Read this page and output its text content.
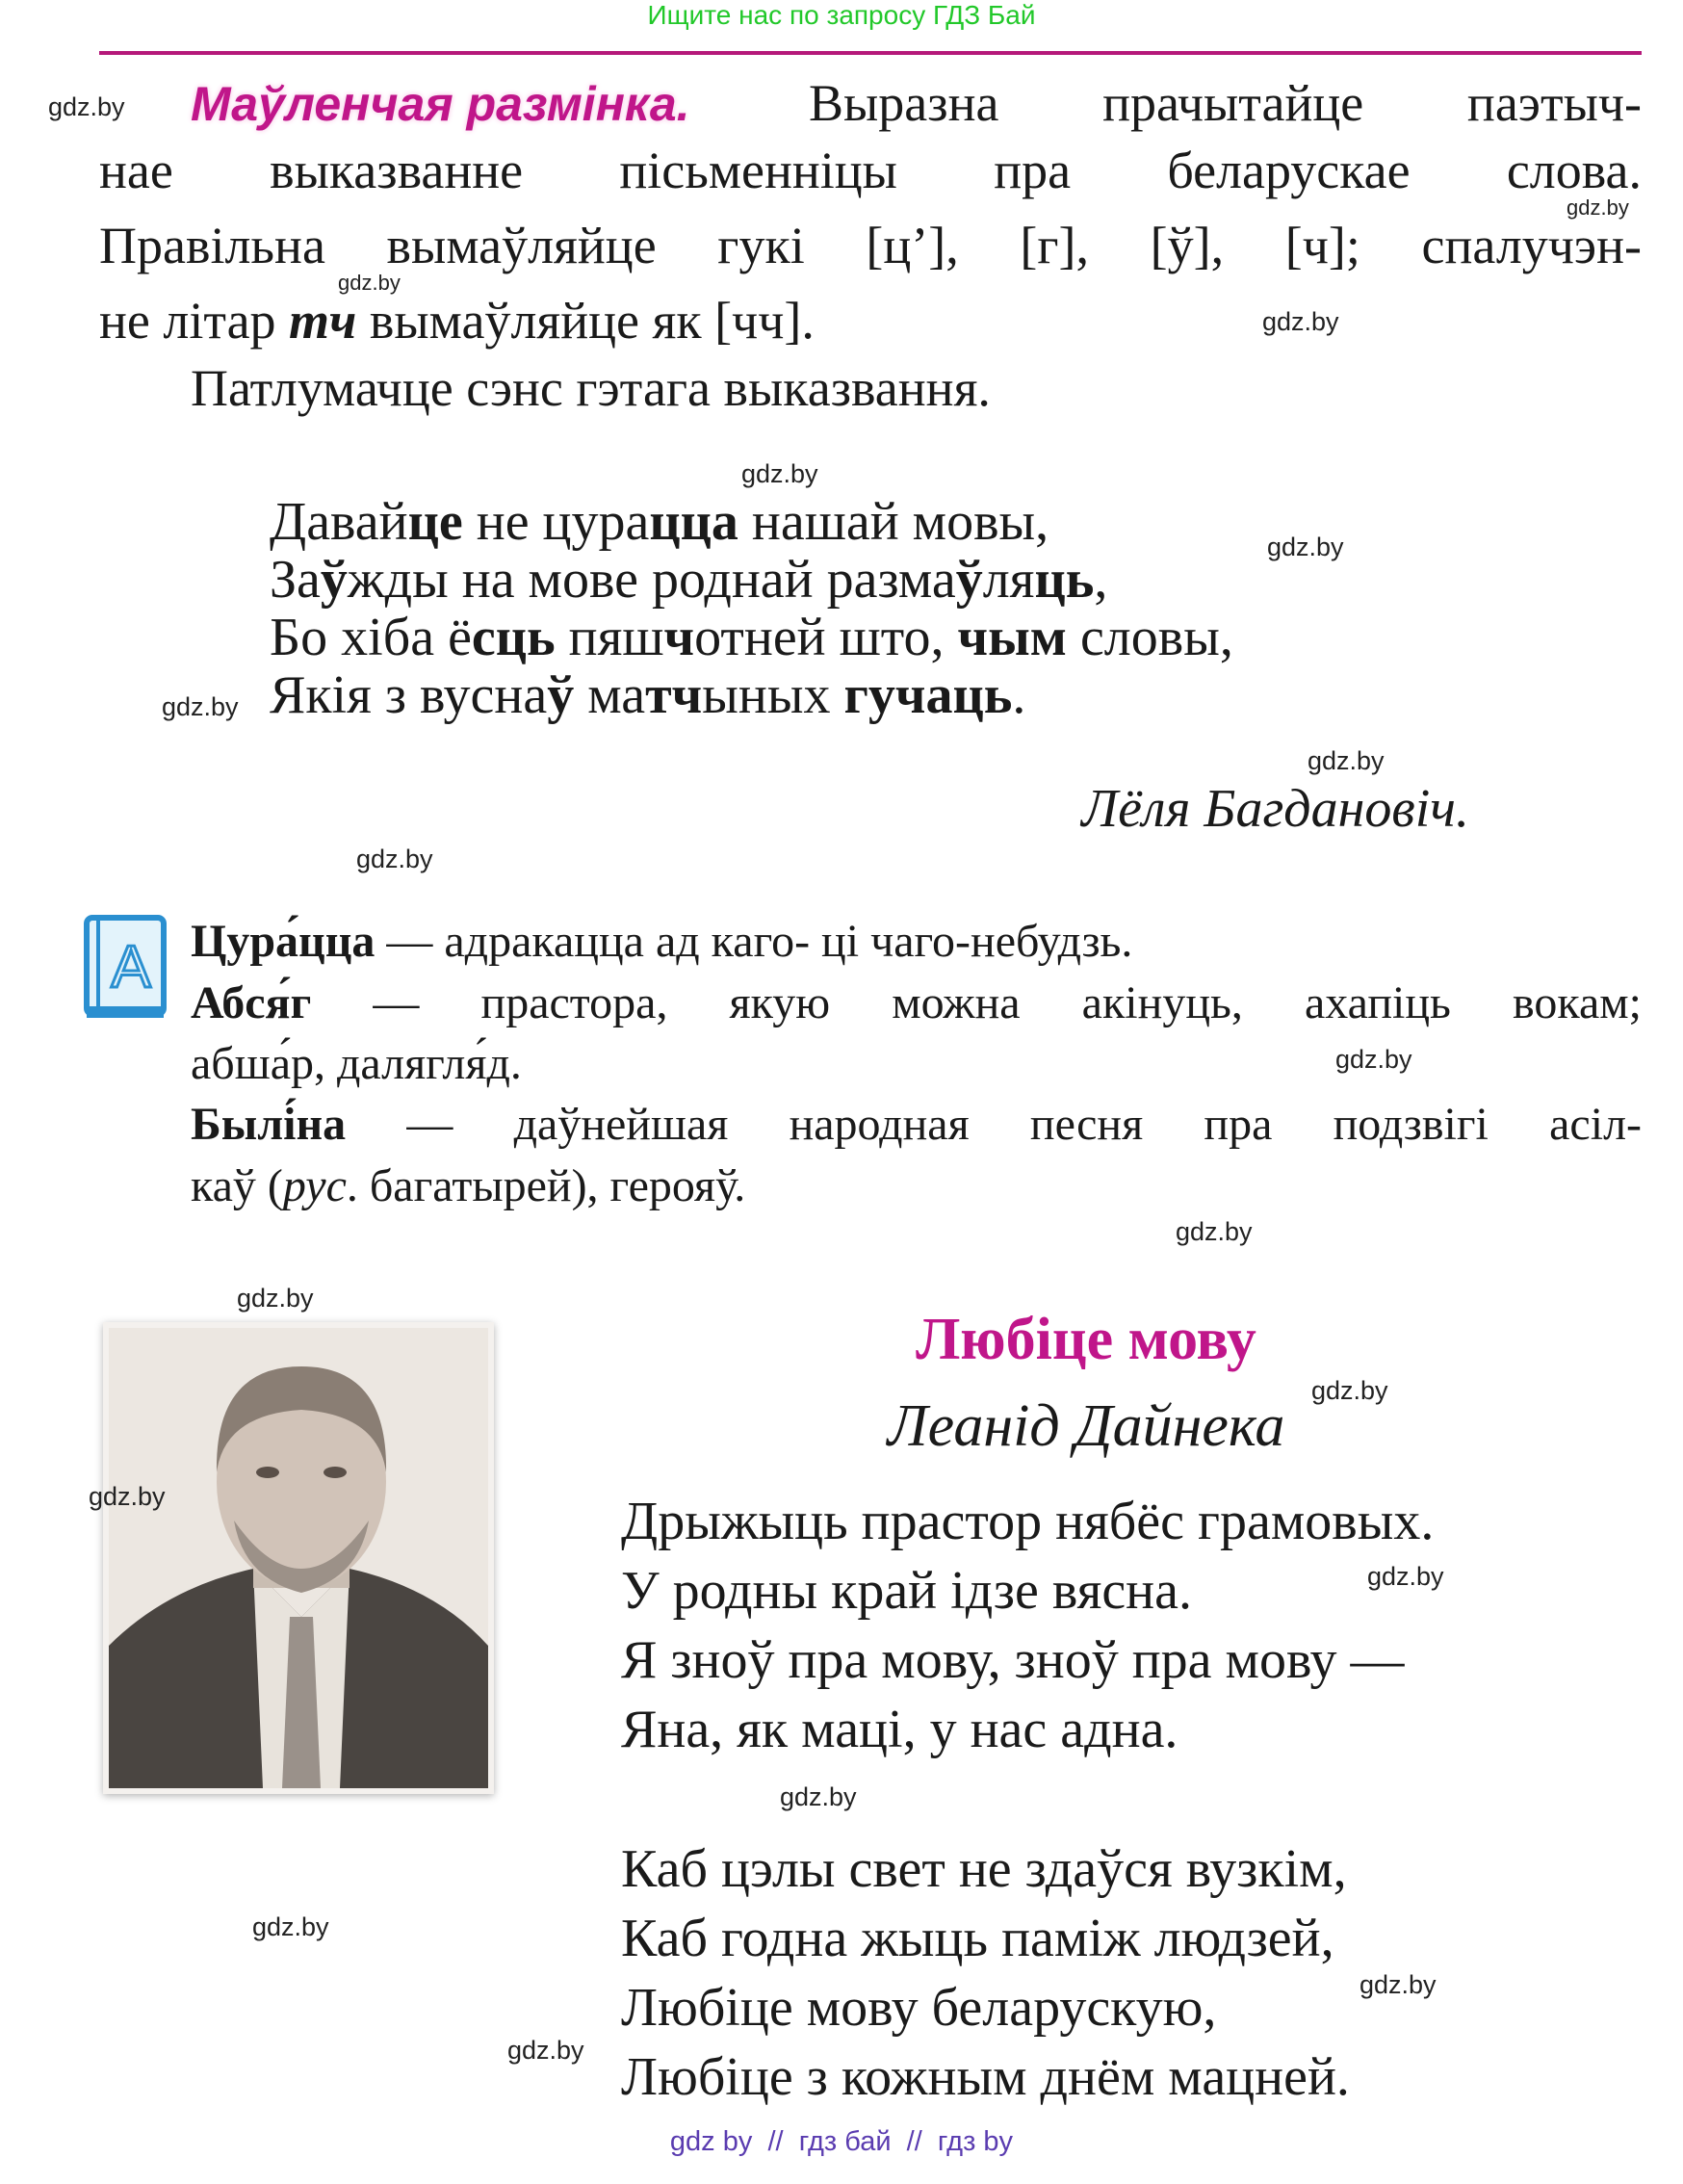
Ищите нас по запросу ГДЗ Бай
Маўленчая размінка. Выразна прачытайце паэтыч-
нае выказванне пісьменніцы пра беларускае слова.
Правільна вымаўляйце гукі [ц’], [г], [ў], [ч]; спалучэн-
не літар тч вымаўляйце як [чч].
Патлумачце сэнс гэтага выказвання.
Давайце не цурацца нашай мовы,
Заўжды на мове роднай размаўляць,
Бо хіба ёсць пяшчотней што, чым словы,
Якія з вуснаў матчыных гучаць.
Лёля Багдановіч.
А Цура́цца — адракацца ад каго- ці чаго-небудзь.
Абся́г — прастора, якую можна акінуць, ахапіць вокам;
абша́р, далягля́д.
Былі́на — даўнейшая народная песня пра подзвігі асіл-
каў (рус. багатырей), герояў.
Любіце мову
Леанід Дайнека
Дрыжыць прастор нябёс грамовых.
У родны край ідзе вясна.
Я зноў пра мову, зноў пра мову —
Яна, як маці, у нас адна.
Каб цэлы свет не здаўся вузкім,
Каб годна жыць паміж людзей,
Любіце мову беларускую,
Любіце з кожным днём мацней.
gdz.by
gdz.by
gdz.by
gdz.by
gdz.by
gdz.by
gdz.by
gdz.by
gdz.by
gdz.by
gdz.by
gdz.by
gdz.by
gdz.by
gdz.by
gdz.by
gdz.by
gdz.by
gdz.by
gdz by  //  гдз бай  //  гдз by
